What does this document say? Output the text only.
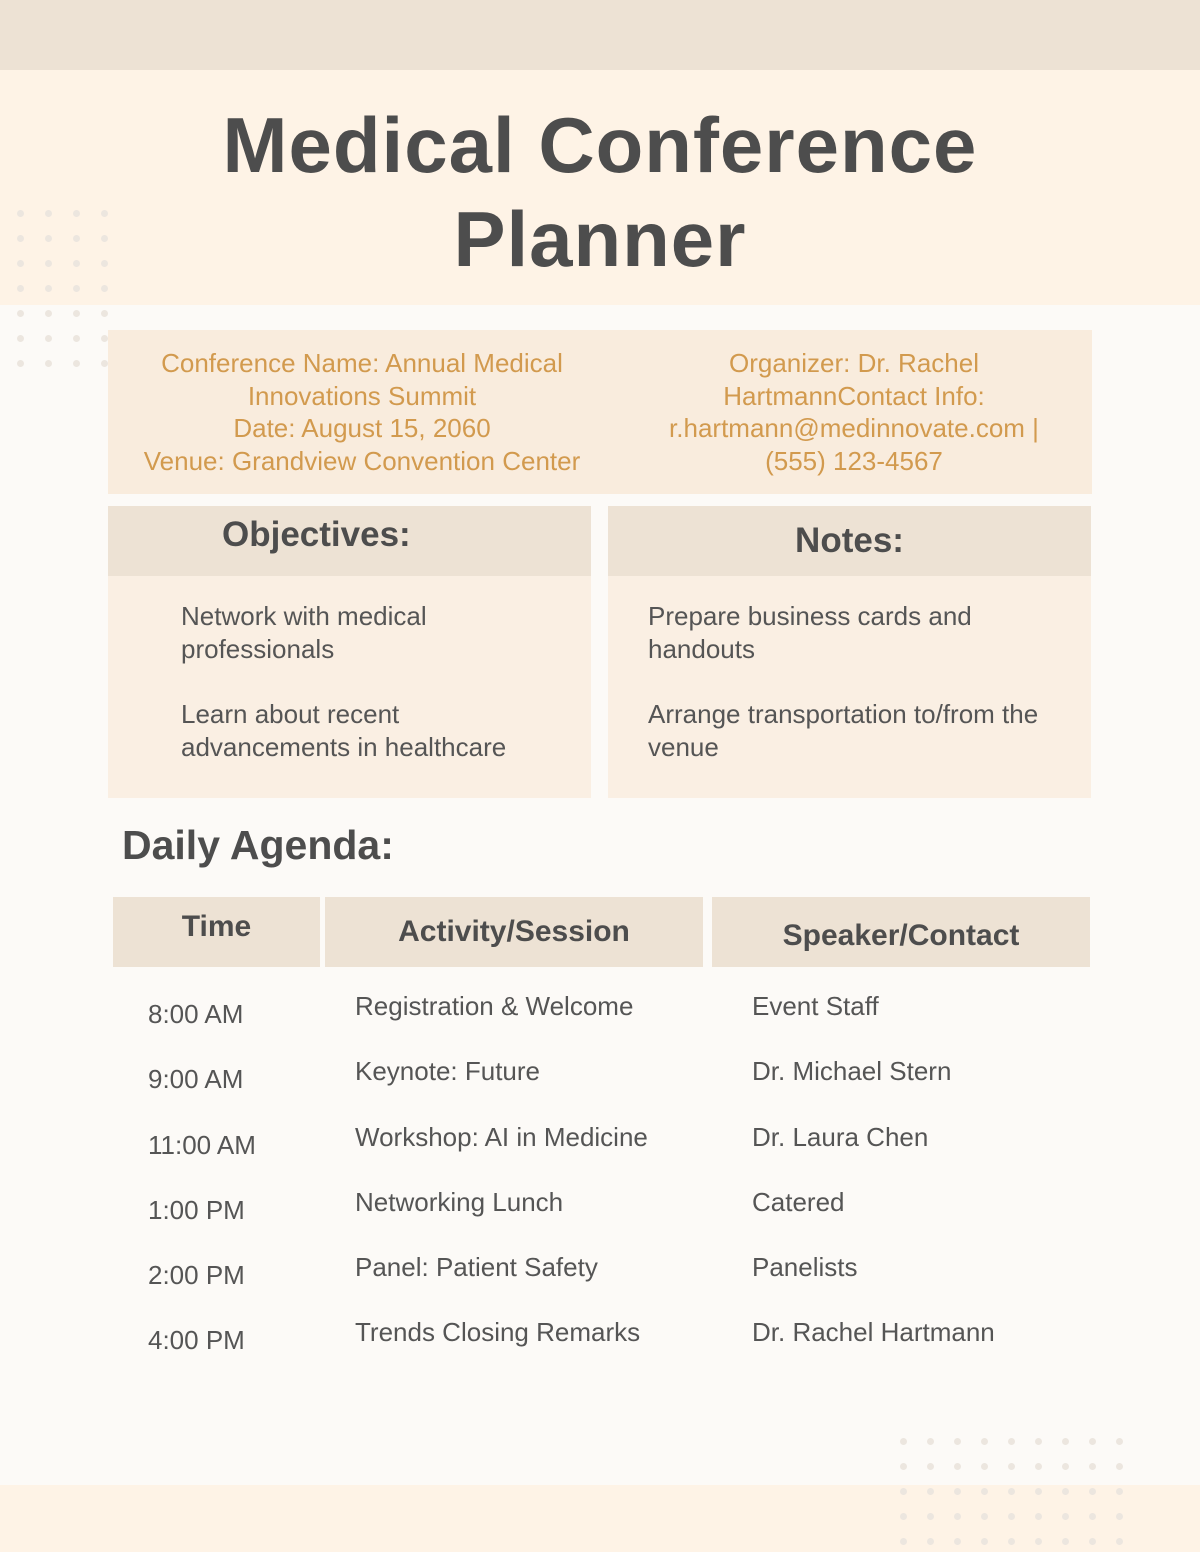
Medical Conference
Planner
Conference Name: Annual Medical
Innovations Summit
Date: August 15, 2060
Venue: Grandview Convention Center
Organizer: Dr. Rachel
HartmannContact Info:
r.hartmann@medinnovate.com |
(555) 123-4567
Objectives:
Network with medical professionals
Learn about recent advancements in healthcare
Notes:
Prepare business cards and handouts
Arrange transportation to/from the venue
Daily Agenda:
Time	Activity/Session	Speaker/Contact
8:00 AM	Registration & Welcome	Event Staff
9:00 AM	Keynote: Future	Dr. Michael Stern
11:00 AM	Workshop: AI in Medicine	Dr. Laura Chen
1:00 PM	Networking Lunch	Catered
2:00 PM	Panel: Patient Safety	Panelists
4:00 PM	Trends Closing Remarks	Dr. Rachel Hartmann
